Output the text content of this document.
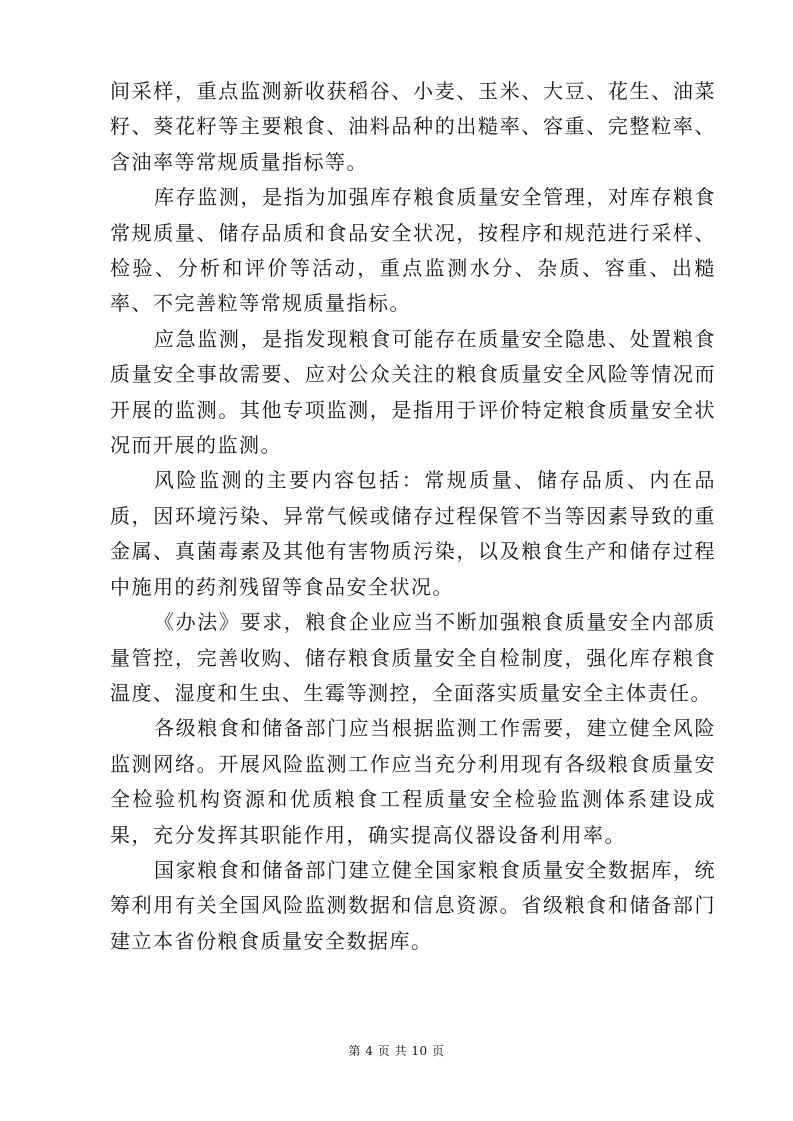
间采样，重点监测新收获稻谷、小麦、玉米、大豆、花生、油菜籽、葵花籽等主要粮食、油料品种的出糙率、容重、完整粒率、含油率等常规质量指标等。

库存监测，是指为加强库存粮食质量安全管理，对库存粮食常规质量、储存品质和食品安全状况，按程序和规范进行采样、检验、分析和评价等活动，重点监测水分、杂质、容重、出糙率、不完善粒等常规质量指标。

应急监测，是指发现粮食可能存在质量安全隐患、处置粮食质量安全事故需要、应对公众关注的粮食质量安全风险等情况而开展的监测。其他专项监测，是指用于评价特定粮食质量安全状况而开展的监测。

风险监测的主要内容包括：常规质量、储存品质、内在品质，因环境污染、异常气候或储存过程保管不当等因素导致的重金属、真菌毒素及其他有害物质污染，以及粮食生产和储存过程中施用的药剂残留等食品安全状况。

《办法》要求，粮食企业应当不断加强粮食质量安全内部质量管控，完善收购、储存粮食质量安全自检制度，强化库存粮食温度、湿度和生虫、生霉等测控，全面落实质量安全主体责任。

各级粮食和储备部门应当根据监测工作需要，建立健全风险监测网络。开展风险监测工作应当充分利用现有各级粮食质量安全检验机构资源和优质粮食工程质量安全检验监测体系建设成果，充分发挥其职能作用，确实提高仪器设备利用率。

国家粮食和储备部门建立健全国家粮食质量安全数据库，统筹利用有关全国风险监测数据和信息资源。省级粮食和储备部门建立本省份粮食质量安全数据库。

第 4 页 共 10 页
